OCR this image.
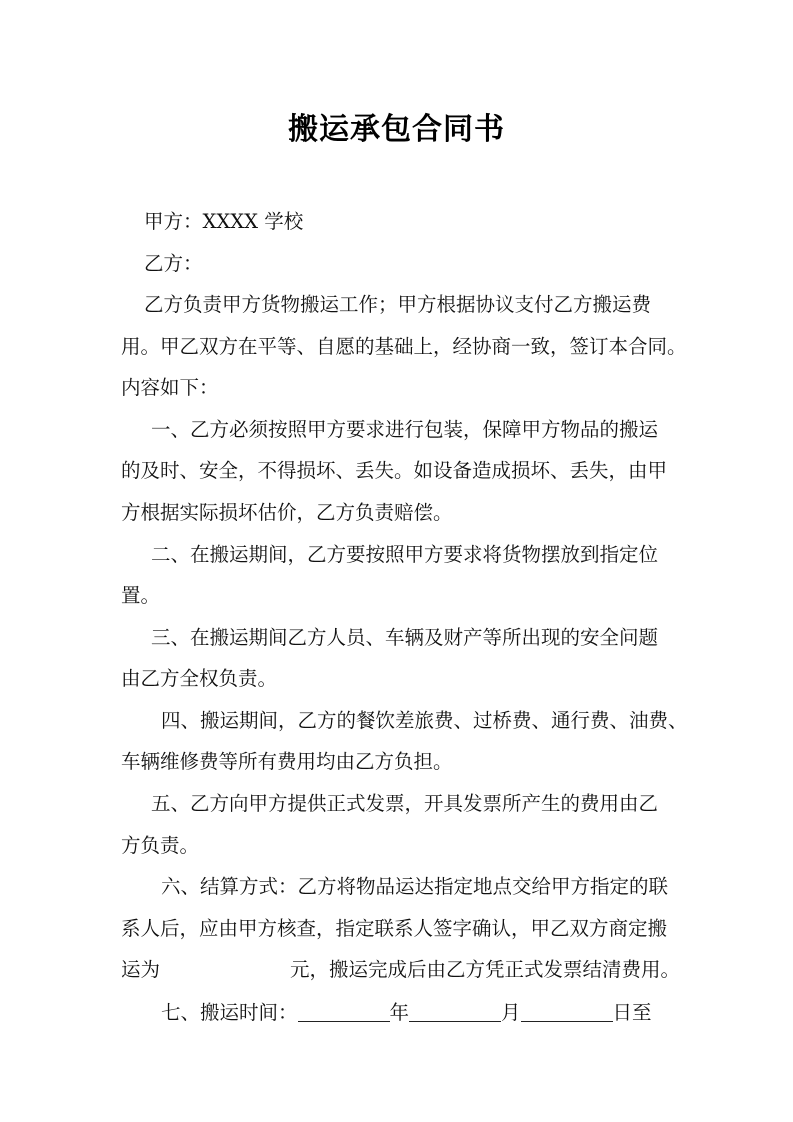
搬运承包合同书
甲方：XXXX 学校
乙方：
乙方负责甲方货物搬运工作；甲方根据协议支付乙方搬运费
用。甲乙双方在平等、自愿的基础上，经协商一致，签订本合同。
内容如下：
一、乙方必须按照甲方要求进行包装，保障甲方物品的搬运
的及时、安全，不得损坏、丢失。如设备造成损坏、丢失，由甲
方根据实际损坏估价，乙方负责赔偿。
二、在搬运期间，乙方要按照甲方要求将货物摆放到指定位
置。
三、在搬运期间乙方人员、车辆及财产等所出现的安全问题
由乙方全权负责。
四、搬运期间，乙方的餐饮差旅费、过桥费、通行费、油费、
车辆维修费等所有费用均由乙方负担。
五、乙方向甲方提供正式发票，开具发票所产生的费用由乙
方负责。
六、结算方式：乙方将物品运达指定地点交给甲方指定的联
系人后，应由甲方核查，指定联系人签字确认，甲乙双方商定搬
运为	元，搬运完成后由乙方凭正式发票结清费用。
七、搬运时间：	年	月	日至
